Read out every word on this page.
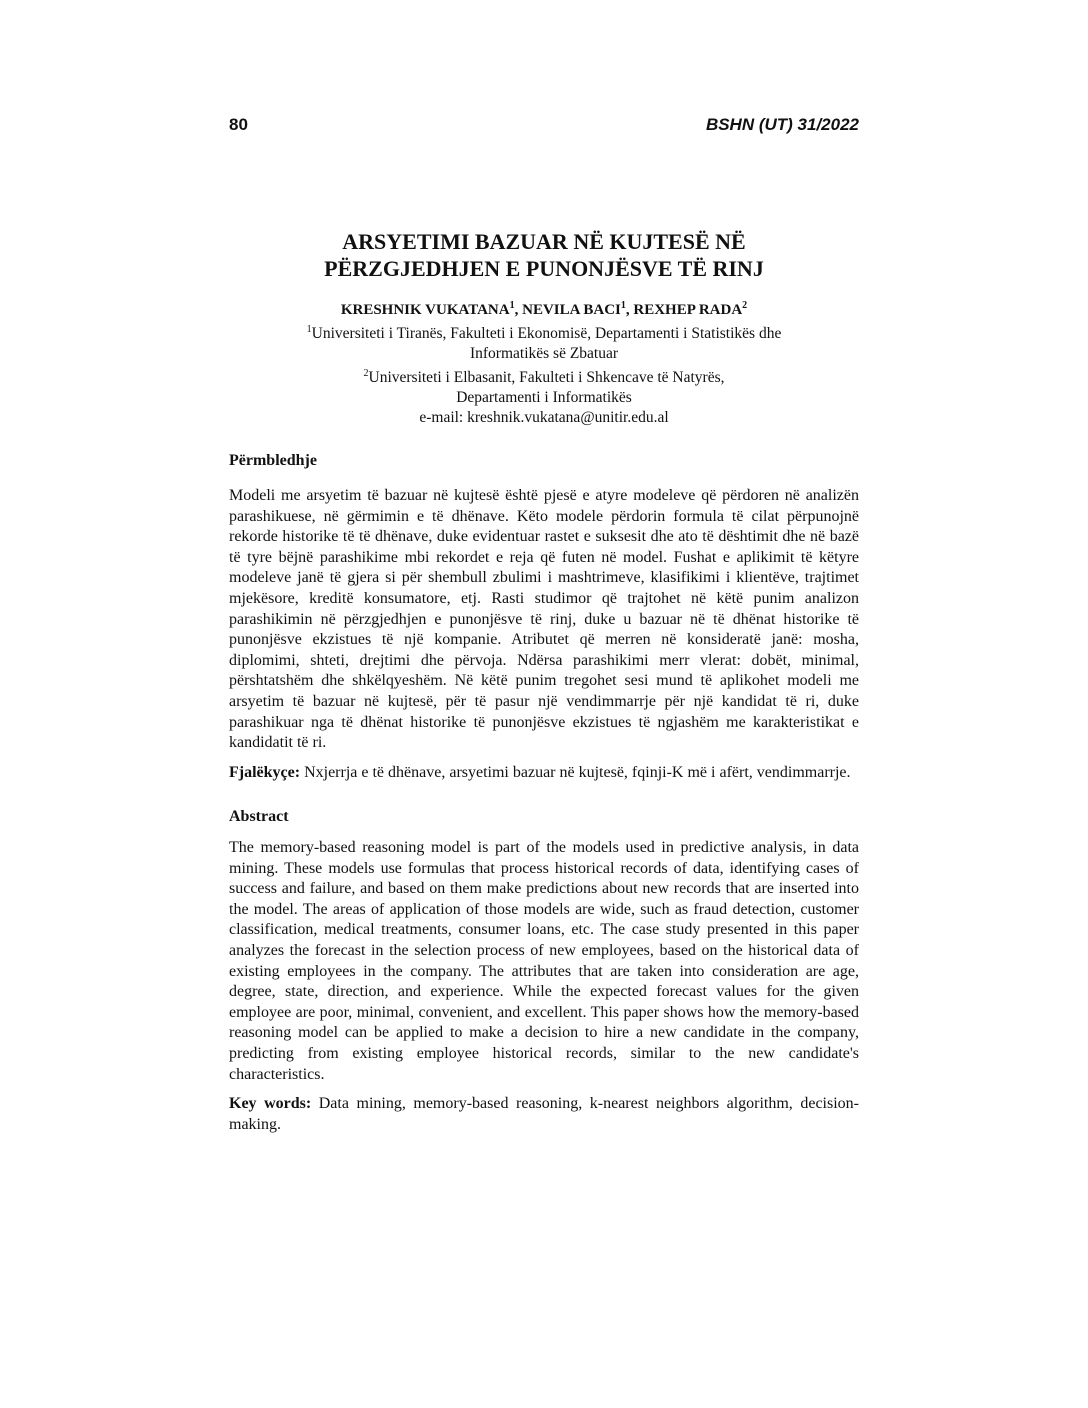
80	BSHN (UT) 31/2022
ARSYETIMI BAZUAR NË KUJTESË NË
PËRZGJEDHJEN E PUNONJËSVE TË RINJ
KRESHNIK VUKATANA$^1$, NEVILA BACI$^1$, REXHEP RADA$^2$
$^1$Universiteti i Tiranës, Fakulteti i Ekonomisë, Departamenti i Statistikës dhe
Informatikës së Zbatuar
$^2$Universiteti i Elbasanit, Fakulteti i Shkencave të Natyrës,
Departamenti i Informatikës
e-mail: kreshnik.vukatana@unitir.edu.al
Përmbledhje

Modeli me arsyetim të bazuar në kujtesë është pjesë e atyre modeleve që përdoren në analizën parashikuese, në gërmimin e të dhënave. Këto modele përdorin formula të cilat përpunojnë rekorde historike të të dhënave, duke evidentuar rastet e suksesit dhe ato të dështimit dhe në bazë të tyre bëjnë parashikime mbi rekordet e reja që futen në model. Fushat e aplikimit të këtyre modeleve janë të gjera si për shembull zbulimi i mashtrimeve, klasifikimi i klientëve, trajtimet mjekësore, kreditë konsumatore, etj. Rasti studimor që trajtohet në këtë punim analizon parashikimin në përzgjedhjen e punonjësve të rinj, duke u bazuar në të dhënat historike të punonjësve ekzistues të një kompanie. Atributet që merren në konsideratë janë: mosha, diplomimi, shteti, drejtimi dhe përvoja. Ndërsa parashikimi merr vlerat: dobët, minimal, përshtatshëm dhe shkëlqyeshëm. Në këtë punim tregohet sesi mund të aplikohet modeli me arsyetim të bazuar në kujtesë, për të pasur një vendimmarrje për një kandidat të ri, duke parashikuar nga të dhënat historike të punonjësve ekzistues të ngjashëm me karakteristikat e kandidatit të ri.

Fjalëkyçe: Nxjerrja e të dhënave, arsyetimi bazuar në kujtesë, fqinji-K më i afërt, vendimmarrje.

Abstract

The memory-based reasoning model is part of the models used in predictive analysis, in data mining. These models use formulas that process historical records of data, identifying cases of success and failure, and based on them make predictions about new records that are inserted into the model. The areas of application of those models are wide, such as fraud detection, customer classification, medical treatments, consumer loans, etc. The case study presented in this paper analyzes the forecast in the selection process of new employees, based on the historical data of existing employees in the company. The attributes that are taken into consideration are age, degree, state, direction, and experience. While the expected forecast values for the given employee are poor, minimal, convenient, and excellent. This paper shows how the memory-based reasoning model can be applied to make a decision to hire a new candidate in the company, predicting from existing employee historical records, similar to the new candidate's characteristics.

Key words: Data mining, memory-based reasoning, k-nearest neighbors algorithm, decision-making.
